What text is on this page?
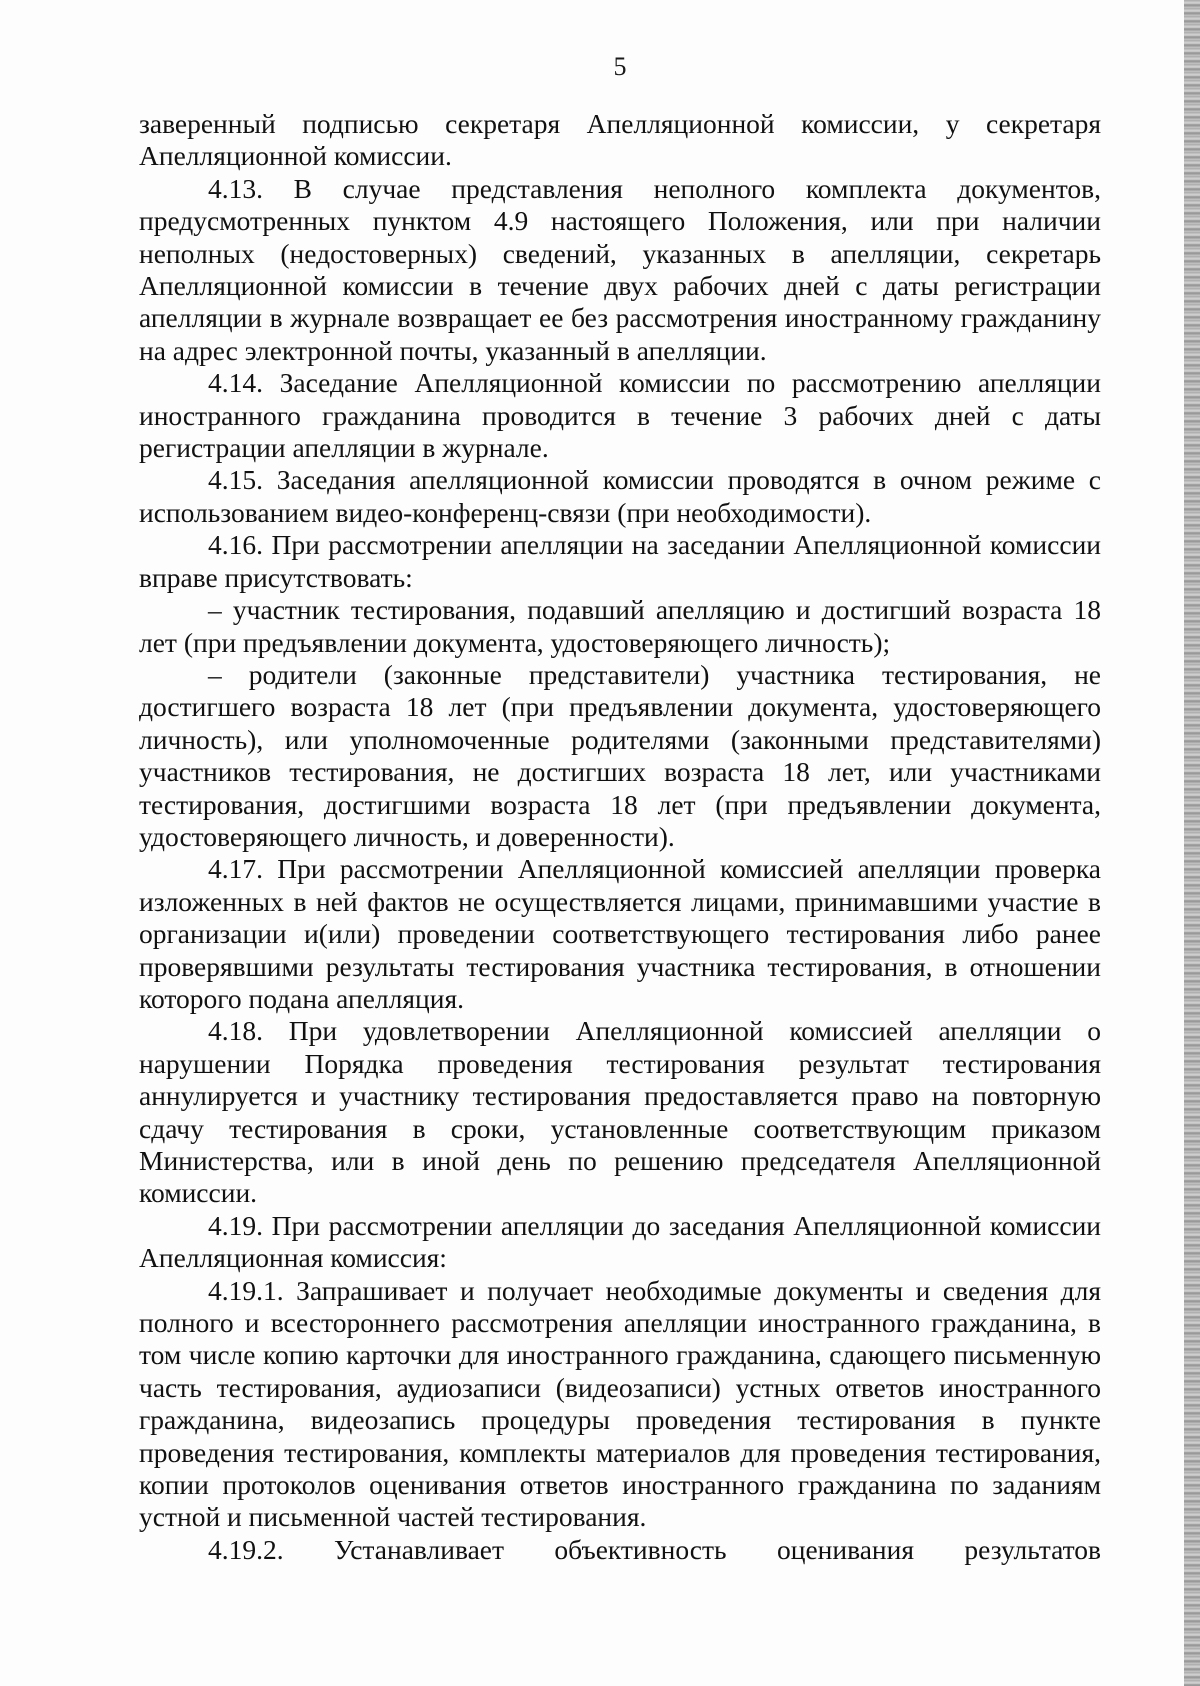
5

заверенный подписью секретаря Апелляционной комиссии, у секретаря Апелляционной комиссии.

4.13. В случае представления неполного комплекта документов, предусмотренных пунктом 4.9 настоящего Положения, или при наличии неполных (недостоверных) сведений, указанных в апелляции, секретарь Апелляционной комиссии в течение двух рабочих дней с даты регистрации апелляции в журнале возвращает ее без рассмотрения иностранному гражданину на адрес электронной почты, указанный в апелляции.

4.14. Заседание Апелляционной комиссии по рассмотрению апелляции иностранного гражданина проводится в течение 3 рабочих дней с даты регистрации апелляции в журнале.

4.15. Заседания апелляционной комиссии проводятся в очном режиме с использованием видео-конференц-связи (при необходимости).

4.16. При рассмотрении апелляции на заседании Апелляционной комиссии вправе присутствовать:

– участник тестирования, подавший апелляцию и достигший возраста 18 лет (при предъявлении документа, удостоверяющего личность);

– родители (законные представители) участника тестирования, не достигшего возраста 18 лет (при предъявлении документа, удостоверяющего личность), или уполномоченные родителями (законными представителями) участников тестирования, не достигших возраста 18 лет, или участниками тестирования, достигшими возраста 18 лет (при предъявлении документа, удостоверяющего личность, и доверенности).

4.17. При рассмотрении Апелляционной комиссией апелляции проверка изложенных в ней фактов не осуществляется лицами, принимавшими участие в организации и(или) проведении соответствующего тестирования либо ранее проверявшими результаты тестирования участника тестирования, в отношении которого подана апелляция.

4.18. При удовлетворении Апелляционной комиссией апелляции о нарушении Порядка проведения тестирования результат тестирования аннулируется и участнику тестирования предоставляется право на повторную сдачу тестирования в сроки, установленные соответствующим приказом Министерства, или в иной день по решению председателя Апелляционной комиссии.

4.19. При рассмотрении апелляции до заседания Апелляционной комиссии Апелляционная комиссия:

4.19.1. Запрашивает и получает необходимые документы и сведения для полного и всестороннего рассмотрения апелляции иностранного гражданина, в том числе копию карточки для иностранного гражданина, сдающего письменную часть тестирования, аудиозаписи (видеозаписи) устных ответов иностранного гражданина, видеозапись процедуры проведения тестирования в пункте проведения тестирования, комплекты материалов для проведения тестирования, копии протоколов оценивания ответов иностранного гражданина по заданиям устной и письменной частей тестирования.

4.19.2. Устанавливает объективность оценивания результатов
